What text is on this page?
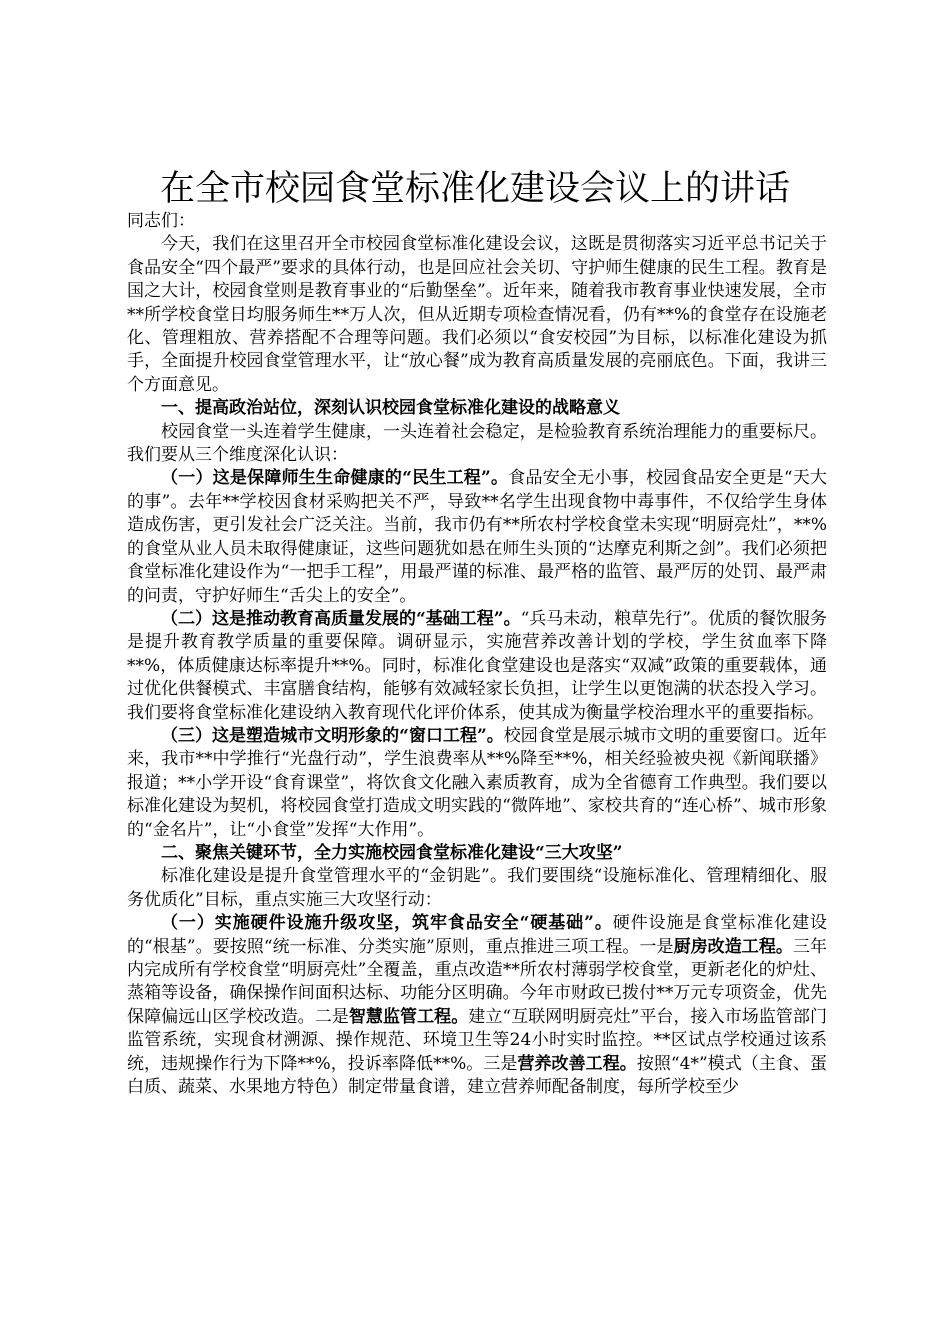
在全市校园食堂标准化建设会议上的讲话

同志们：

今天，我们在这里召开全市校园食堂标准化建设会议，这既是贯彻落实习近平总书记关于食品安全“四个最严”要求的具体行动，也是回应社会关切、守护师生健康的民生工程。教育是国之大计，校园食堂则是教育事业的“后勤堡垒”。近年来，随着我市教育事业快速发展，全市**所学校食堂日均服务师生**万人次，但从近期专项检查情况看，仍有**%的食堂存在设施老化、管理粗放、营养搭配不合理等问题。我们必须以“食安校园”为目标，以标准化建设为抓手，全面提升校园食堂管理水平，让“放心餐”成为教育高质量发展的亮丽底色。下面，我讲三个方面意见。

一、提高政治站位，深刻认识校园食堂标准化建设的战略意义

校园食堂一头连着学生健康，一头连着社会稳定，是检验教育系统治理能力的重要标尺。我们要从三个维度深化认识：

（一）这是保障师生生命健康的“民生工程”。食品安全无小事，校园食品安全更是“天大的事”。去年**学校因食材采购把关不严，导致**名学生出现食物中毒事件，不仅给学生身体造成伤害，更引发社会广泛关注。当前，我市仍有**所农村学校食堂未实现“明厨亮灶”，**%的食堂从业人员未取得健康证，这些问题犹如悬在师生头顶的“达摩克利斯之剑”。我们必须把食堂标准化建设作为“一把手工程”，用最严谨的标准、最严格的监管、最严厉的处罚、最严肃的问责，守护好师生“舌尖上的安全”。

（二）这是推动教育高质量发展的“基础工程”。“兵马未动，粮草先行”。优质的餐饮服务是提升教育教学质量的重要保障。调研显示，实施营养改善计划的学校，学生贫血率下降**%，体质健康达标率提升**%。同时，标准化食堂建设也是落实“双减”政策的重要载体，通过优化供餐模式、丰富膳食结构，能够有效减轻家长负担，让学生以更饱满的状态投入学习。我们要将食堂标准化建设纳入教育现代化评价体系，使其成为衡量学校治理水平的重要指标。

（三）这是塑造城市文明形象的“窗口工程”。校园食堂是展示城市文明的重要窗口。近年来，我市**中学推行“光盘行动”，学生浪费率从**%降至**%，相关经验被央视《新闻联播》报道；**小学开设“食育课堂”，将饮食文化融入素质教育，成为全省德育工作典型。我们要以标准化建设为契机，将校园食堂打造成文明实践的“微阵地”、家校共育的“连心桥”、城市形象的“金名片”，让“小食堂”发挥“大作用”。

二、聚焦关键环节，全力实施校园食堂标准化建设“三大攻坚”

标准化建设是提升食堂管理水平的“金钥匙”。我们要围绕“设施标准化、管理精细化、服务优质化”目标，重点实施三大攻坚行动：

（一）实施硬件设施升级攻坚，筑牢食品安全“硬基础”。硬件设施是食堂标准化建设的“根基”。要按照“统一标准、分类实施”原则，重点推进三项工程。一是厨房改造工程。三年内完成所有学校食堂“明厨亮灶”全覆盖，重点改造**所农村薄弱学校食堂，更新老化的炉灶、蒸箱等设备，确保操作间面积达标、功能分区明确。今年市财政已拨付**万元专项资金，优先保障偏远山区学校改造。二是智慧监管工程。建立“互联网明厨亮灶”平台，接入市场监管部门监管系统，实现食材溯源、操作规范、环境卫生等24小时实时监控。**区试点学校通过该系统，违规操作行为下降**%，投诉率降低**%。三是营养改善工程。按照“4*”模式（主食、蛋白质、蔬菜、水果地方特色）制定带量食谱，建立营养师配备制度，每所学校至少
